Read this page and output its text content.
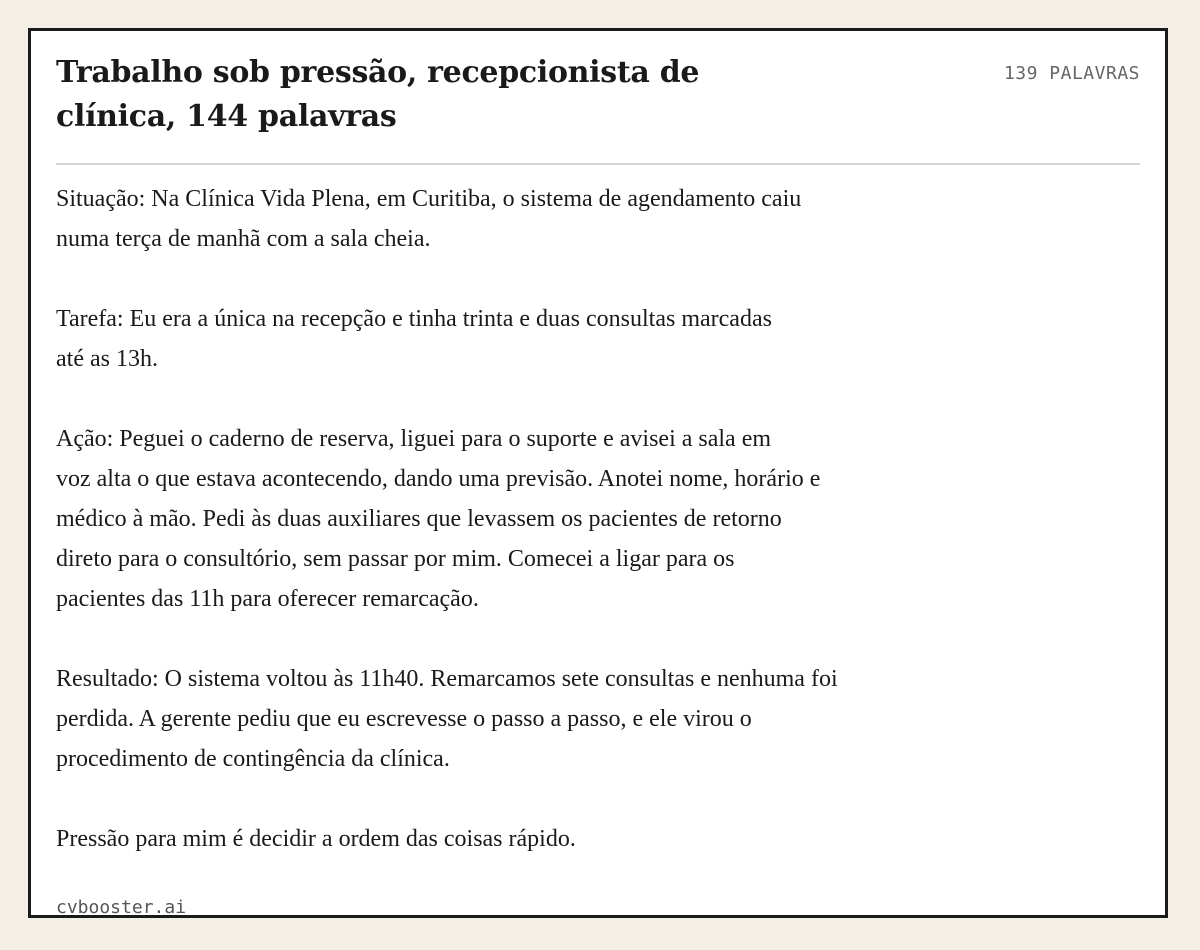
Trabalho sob pressão, recepcionista de clínica, 144 palavras
139 PALAVRAS

Situação: Na Clínica Vida Plena, em Curitiba, o sistema de agendamento caiu
numa terça de manhã com a sala cheia.

Tarefa: Eu era a única na recepção e tinha trinta e duas consultas marcadas
até as 13h.

Ação: Peguei o caderno de reserva, liguei para o suporte e avisei a sala em
voz alta o que estava acontecendo, dando uma previsão. Anotei nome, horário e
médico à mão. Pedi às duas auxiliares que levassem os pacientes de retorno
direto para o consultório, sem passar por mim. Comecei a ligar para os
pacientes das 11h para oferecer remarcação.

Resultado: O sistema voltou às 11h40. Remarcamos sete consultas e nenhuma foi
perdida. A gerente pediu que eu escrevesse o passo a passo, e ele virou o
procedimento de contingência da clínica.

Pressão para mim é decidir a ordem das coisas rápido.

cvbooster.ai
